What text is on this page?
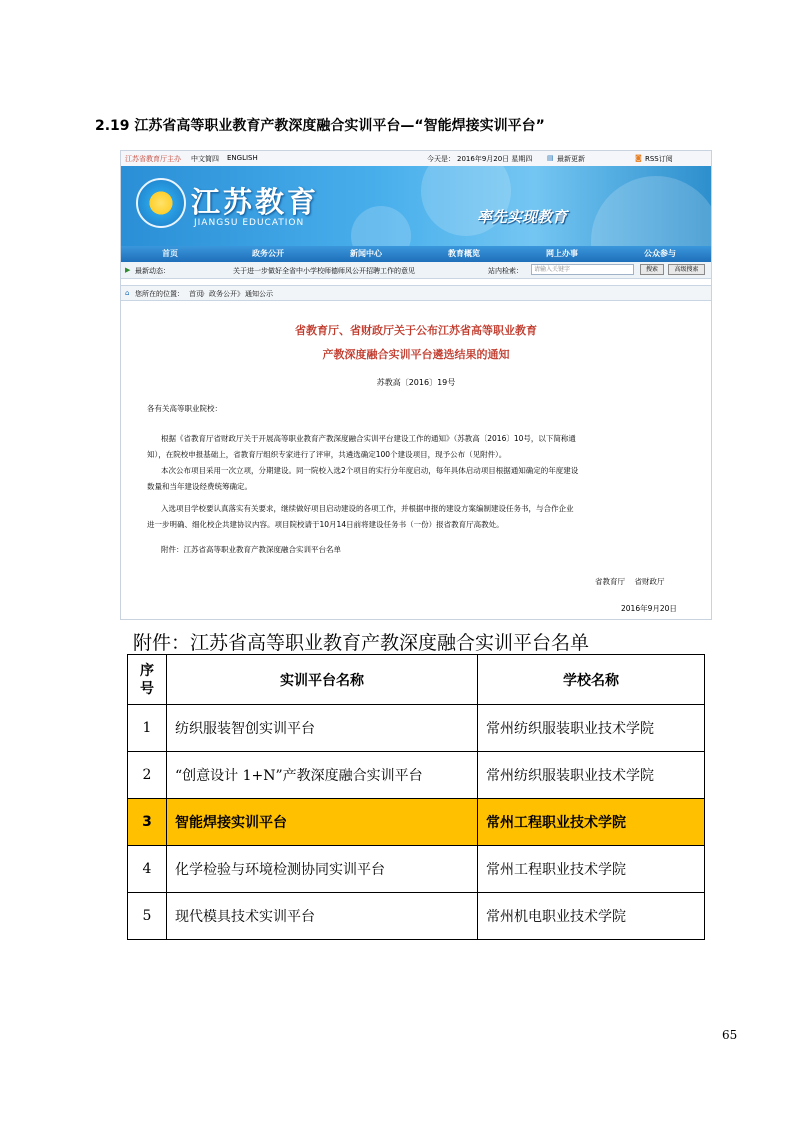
2.19 江苏省高等职业教育产教深度融合实训平台—“智能焊接实训平台”
江苏省教育厅主办 中文简四 ENGLISH	今天是： 2016年9月20日 星期四 ▤ 最新更新	◙ RSS订阅
江苏教育
JIANGSU EDUCATION	率先实现教育
首页	政务公开	新闻中心	教育概览	网上办事	公众参与
▶ 最新动态：	关于进一步做好全省中小学校师德师风公开招聘工作的意见	站内检索：	请输入关键字	搜索	高级搜索
⌂ 您所在的位置： 首页
》 政务公开 》 通知公示
省教育厅、省财政厅关于公布江苏省高等职业教育
产教深度融合实训平台遴选结果的通知
苏教高〔2016〕19号
各有关高等职业院校：
根据《省教育厅省财政厅关于开展高等职业教育产教深度融合实训平台建设工作的通知》（苏教高〔2016〕10号，以下简称通
知），在院校申报基础上，省教育厅组织专家进行了评审，共遴选确定100个建设项目，现予公布（见附件）。
本次公布项目采用一次立项，分期建设。同一院校入选2个项目的实行分年度启动，每年具体启动项目根据通知确定的年度建设
数量和当年建设经费统筹确定。
入选项目学校要认真落实有关要求，继续做好项目启动建设的各项工作，并根据申报的建设方案编制建设任务书，与合作企业
进一步明确、细化校企共建协议内容。项目院校请于10月14日前将建设任务书（一份）报省教育厅高教处。
附件：江苏省高等职业教育产教深度融合实训平台名单
省教育厅    省财政厅
2016年9月20日
附件：江苏省高等职业教育产教深度融合实训平台名单
序
号	实训平台名称	学校名称
1	纺织服装智创实训平台	常州纺织服装职业技术学院
2	“创意设计 1+N”产教深度融合实训平台	常州纺织服装职业技术学院
3	智能焊接实训平台	常州工程职业技术学院
4	化学检验与环境检测协同实训平台	常州工程职业技术学院
5	现代模具技术实训平台	常州机电职业技术学院
65
